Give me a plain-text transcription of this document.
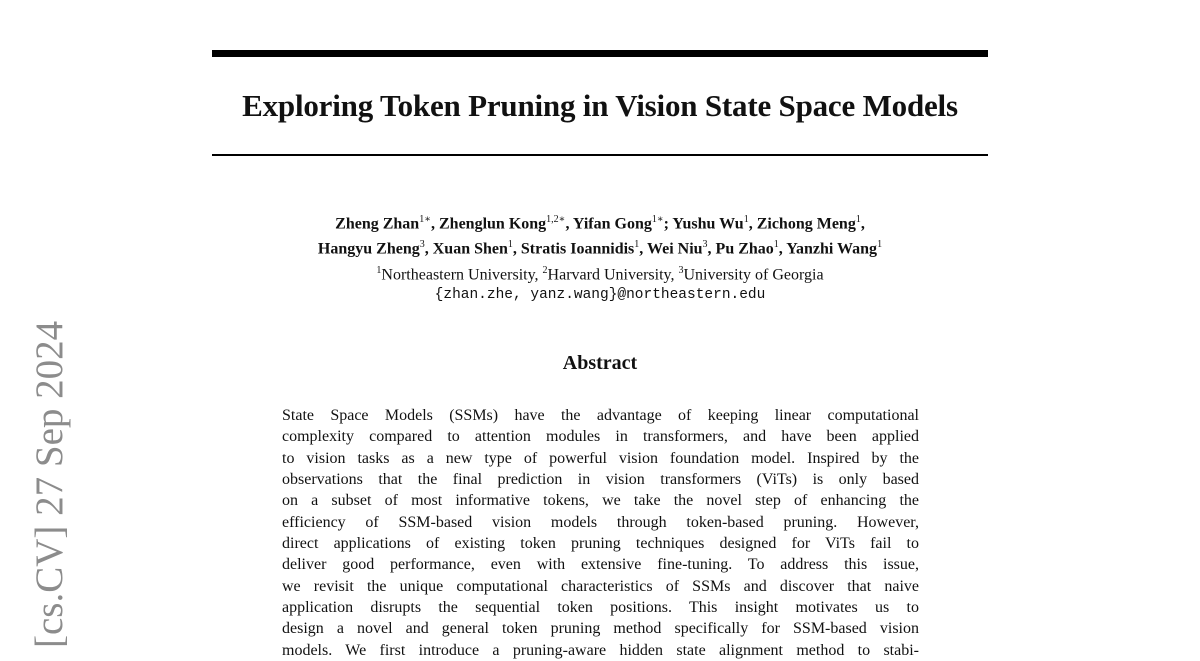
Exploring Token Pruning in Vision State Space Models
Zheng Zhan$^{1∗}$, Zhenglun Kong$^{1,2∗}$, Yifan Gong$^{1∗}$; Yushu Wu$^1$, Zichong Meng$^1$,
Hangyu Zheng$^3$, Xuan Shen$^1$, Stratis Ioannidis$^1$, Wei Niu$^3$, Pu Zhao$^1$, Yanzhi Wang$^1$
$^1$Northeastern University, $^2$Harvard University, $^3$University of Georgia
{zhan.zhe, yanz.wang}@northeastern.edu
Abstract
State Space Models (SSMs) have the advantage of keeping linear computational
complexity compared to attention modules in transformers, and have been applied
to vision tasks as a new type of powerful vision foundation model. Inspired by the
observations that the final prediction in vision transformers (ViTs) is only based
on a subset of most informative tokens, we take the novel step of enhancing the
efficiency of SSM-based vision models through token-based pruning. However,
direct applications of existing token pruning techniques designed for ViTs fail to
deliver good performance, even with extensive fine-tuning. To address this issue,
we revisit the unique computational characteristics of SSMs and discover that naive
application disrupts the sequential token positions. This insight motivates us to
design a novel and general token pruning method specifically for SSM-based vision
models. We first introduce a pruning-aware hidden state alignment method to stabi-
[cs.CV] 27 Sep 2024
